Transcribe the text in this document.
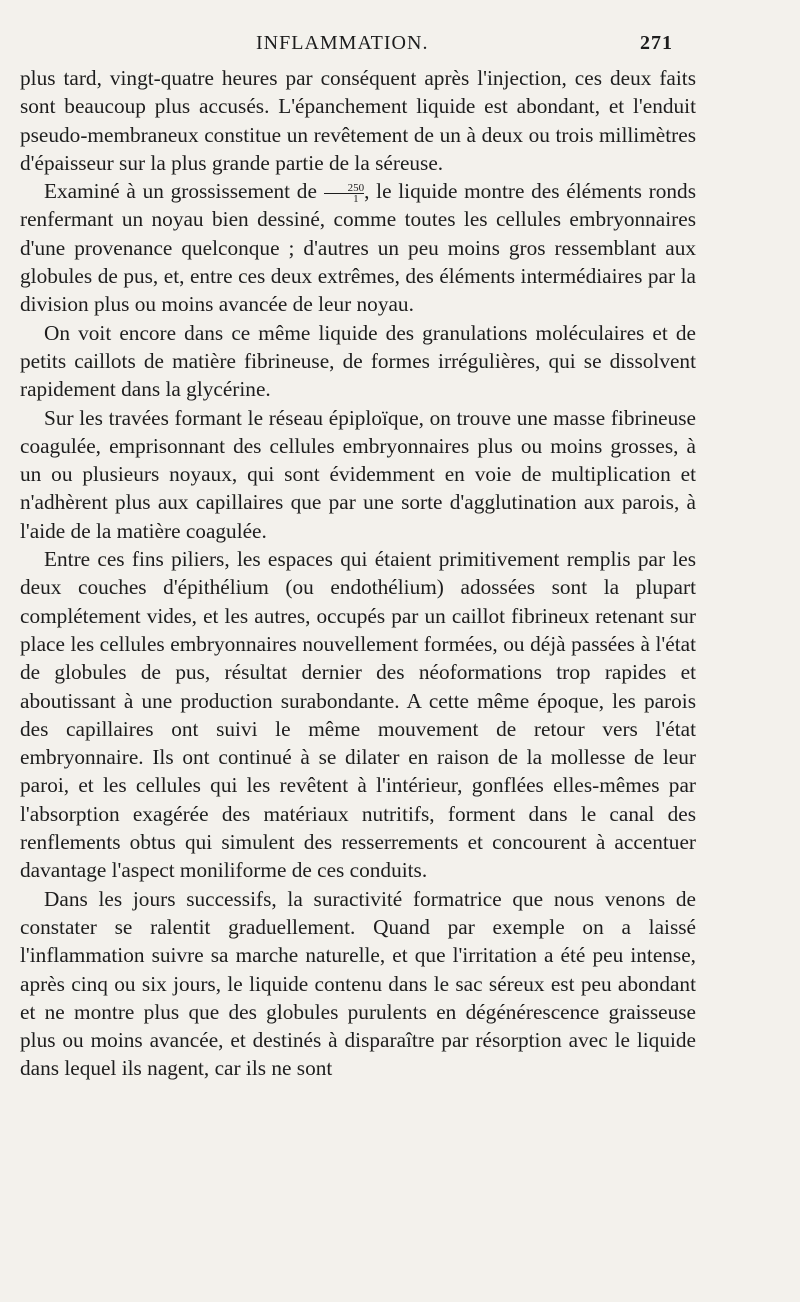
INFLAMMATION.	271

plus tard, vingt-quatre heures par conséquent après l'injection, ces deux faits sont beaucoup plus accusés. L'épanchement liquide est abondant, et l'enduit pseudo-membraneux constitue un revêtement de un à deux ou trois millimètres d'épaisseur sur la plus grande partie de la séreuse.

Examiné à un grossissement de $\frac{250}{1}$ , le liquide montre des éléments ronds renfermant un noyau bien dessiné, comme toutes les cellules embryonnaires d'une provenance quelconque ; d'autres un peu moins gros ressemblant aux globules de pus, et, entre ces deux extrêmes, des éléments intermédiaires par la division plus ou moins avancée de leur noyau.

On voit encore dans ce même liquide des granulations moléculaires et de petits caillots de matière fibrineuse, de formes irrégulières, qui se dissolvent rapidement dans la glycérine.

Sur les travées formant le réseau épiploïque, on trouve une masse fibrineuse coagulée, emprisonnant des cellules embryonnaires plus ou moins grosses, à un ou plusieurs noyaux, qui sont évidemment en voie de multiplication et n'adhèrent plus aux capillaires que par une sorte d'agglutination aux parois, à l'aide de la matière coagulée.

Entre ces fins piliers, les espaces qui étaient primitivement remplis par les deux couches d'épithélium (ou endothélium) adossées sont la plupart complétement vides, et les autres, occupés par un caillot fibrineux retenant sur place les cellules embryonnaires nouvellement formées, ou déjà passées à l'état de globules de pus, résultat dernier des néoformations trop rapides et aboutissant à une production surabondante. A cette même époque, les parois des capillaires ont suivi le même mouvement de retour vers l'état embryonnaire. Ils ont continué à se dilater en raison de la mollesse de leur paroi, et les cellules qui les revêtent à l'intérieur, gonflées elles-mêmes par l'absorption exagérée des matériaux nutritifs, forment dans le canal des renflements obtus qui simulent des resserrements et concourent à accentuer davantage l'aspect moniliforme de ces conduits.

Dans les jours successifs, la suractivité formatrice que nous venons de constater se ralentit graduellement. Quand par exemple on a laissé l'inflammation suivre sa marche naturelle, et que l'irritation a été peu intense, après cinq ou six jours, le liquide contenu dans le sac séreux est peu abondant et ne montre plus que des globules purulents en dégénérescence graisseuse plus ou moins avancée, et destinés à disparaître par résorption avec le liquide dans lequel ils nagent, car ils ne sont
